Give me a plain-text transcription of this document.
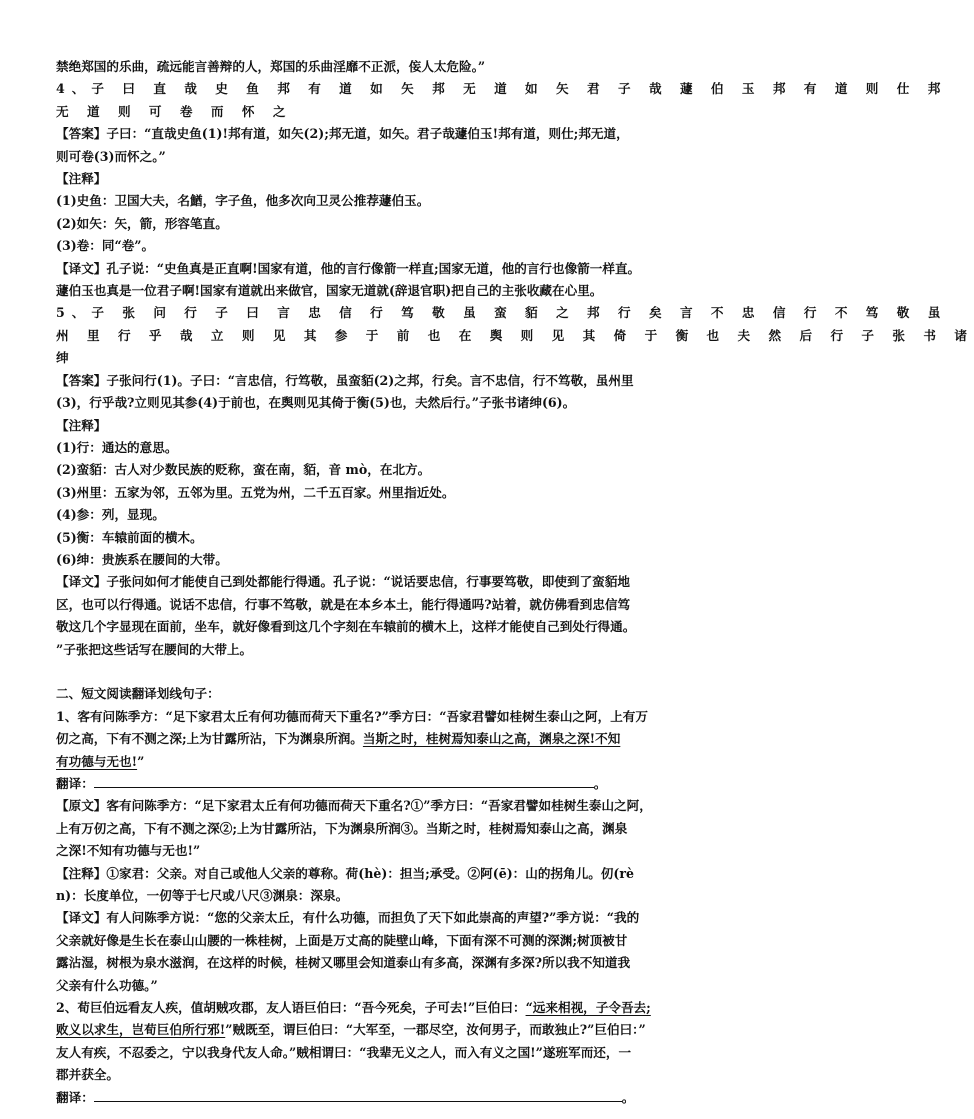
禁绝郑国的乐曲，疏远能言善辩的人，郑国的乐曲淫靡不正派，侫人太危险。”
4、子 曰 直 哉 史 鱼 邦 有 道 如 矢 邦 无 道 如 矢 君 子 哉 蘧 伯 玉 邦 有 道 则 仕 邦
无 道 则 可 卷 而 怀 之
【答案】子曰：“直哉史鱼(1)!邦有道，如矢(2);邦无道，如矢。君子哉蘧伯玉!邦有道，则仕;邦无道，
则可卷(3)而怀之。”
【注释】
(1)史鱼：卫国大夫，名鰌，字子鱼，他多次向卫灵公推荐蘧伯玉。
(2)如矢：矢，箭，形容笔直。
(3)卷：同“卷”。
【译文】孔子说：“史鱼真是正直啊!国家有道，他的言行像箭一样直;国家无道，他的言行也像箭一样直。
蘧伯玉也真是一位君子啊!国家有道就出来做官，国家无道就(辞退官职)把自己的主张收藏在心里。
5、子 张 问 行 子 曰 言 忠 信 行 笃 敬 虽 蛮 貊 之 邦 行 矣 言 不 忠 信 行 不 笃 敬 虽
州 里 行 乎 哉 立 则 见 其 参 于 前 也 在 舆 则 见 其 倚 于 衡 也 夫 然 后 行 子 张 书 诸
绅
【答案】子张问行(1)。子曰：“言忠信，行笃敬，虽蛮貊(2)之邦，行矣。言不忠信，行不笃敬，虽州里
(3)，行乎哉?立则见其参(4)于前也，在舆则见其倚于衡(5)也，夫然后行。”子张书诸绅(6)。
【注释】
(1)行：通达的意思。
(2)蛮貊：古人对少数民族的贬称，蛮在南，貊，音 mò，在北方。
(3)州里：五家为邻，五邻为里。五党为州，二千五百家。州里指近处。
(4)参：列，显现。
(5)衡：车辕前面的横木。
(6)绅：贵族系在腰间的大带。
【译文】子张问如何才能使自己到处都能行得通。孔子说：“说话要忠信，行事要笃敬，即使到了蛮貊地
区，也可以行得通。说话不忠信，行事不笃敬，就是在本乡本土，能行得通吗?站着，就仿佛看到忠信笃
敬这几个字显现在面前，坐车，就好像看到这几个字刻在车辕前的横木上，这样才能使自己到处行得通。
”子张把这些话写在腰间的大带上。
二、短文阅读翻译划线句子：
1、客有问陈季方：“足下家君太丘有何功德而荷天下重名?”季方曰：“吾家君譬如桂树生泰山之阿，上有万
仞之高，下有不测之深;上为甘露所沾，下为渊泉所润。当斯之时，桂树焉知泰山之高，渊泉之深!不知
有功德与无也!”
翻译：	。
【原文】客有问陈季方：“足下家君太丘有何功德而荷天下重名?①”季方曰：“吾家君譬如桂树生泰山之阿，
上有万仞之高，下有不测之深②;上为甘露所沾，下为渊泉所润③。当斯之时，桂树焉知泰山之高，渊泉
之深!不知有功德与无也!”
【注释】①家君：父亲。对自己或他人父亲的尊称。荷(hè)：担当;承受。②阿(ē)：山的拐角儿。仞(rè
n)：长度单位，一仞等于七尺或八尺③渊泉：深泉。
【译文】有人问陈季方说：“您的父亲太丘，有什么功德，而担负了天下如此崇高的声望?”季方说：“我的
父亲就好像是生长在泰山山腰的一株桂树，上面是万丈高的陡壁山峰，下面有深不可测的深渊;树顶被甘
露沾湿，树根为泉水滋润，在这样的时候，桂树又哪里会知道泰山有多高，深渊有多深?所以我不知道我
父亲有什么功德。”
2、荀巨伯远看友人疾，值胡贼攻郡，友人语巨伯曰：“吾今死矣，子可去!”巨伯曰：“远来相视，子令吾去;
败义以求生，岂荀巨伯所行邪!”贼既至，谓巨伯曰：“大军至，一郡尽空，汝何男子，而敢独止?”巨伯曰：”
友人有疾，不忍委之，宁以我身代友人命。”贼相谓曰：“我辈无义之人，而入有义之国!”遂班军而还，一
郡并获全。
翻译：	。
